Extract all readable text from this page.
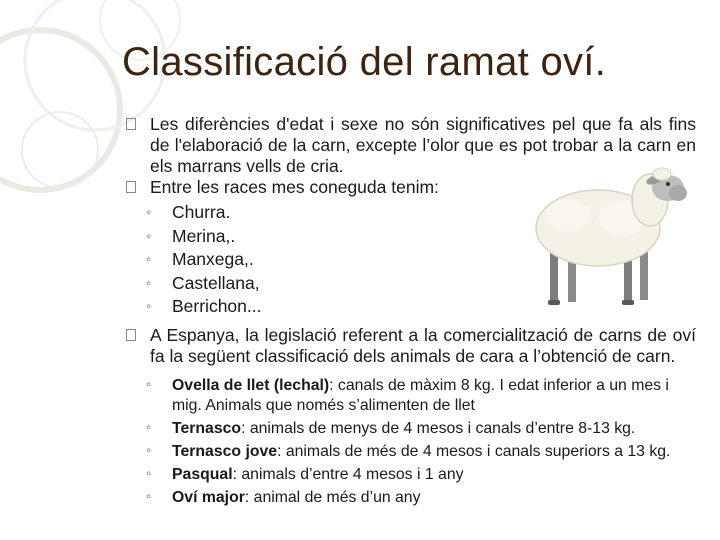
Classificació del ramat oví.
Les diferències d'edat i sexe no són significatives pel que fa als fins de l'elaboració de la carn, excepte l’olor que es pot trobar a la carn en els marrans vells de cria.
Entre les races mes coneguda tenim:
◦ Churra.
◦ Merina,.
◦ Manxega,.
◦ Castellana,
◦ Berrichon...
A Espanya, la legislació referent a la comercialització de carns de oví fa la següent classificació dels animals de cara a l’obtenció de carn.
◦ Ovella de llet (lechal): canals de màxim 8 kg. I edat inferior a un mes i mig. Animals que només s’alimenten de llet
◦ Ternasco: animals de menys de 4 mesos i canals d’entre 8-13 kg.
◦ Ternasco jove: animals de més de 4 mesos i canals superiors a 13 kg.
◦ Pasqual: animals d’entre 4 mesos i 1 any
◦ Oví major: animal de més d’un any
